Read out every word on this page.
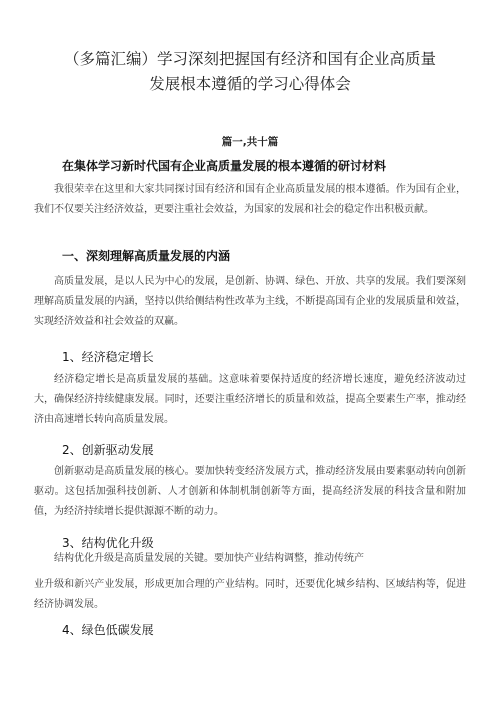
（多篇汇编）学习深刻把握国有经济和国有企业高质量
发展根本遵循的学习心得体会
篇一,共十篇
在集体学习新时代国有企业高质量发展的根本遵循的研讨材料

我很荣幸在这里和大家共同探讨国有经济和国有企业高质量发展的根本遵循。作为国有企业，我们不仅要关注经济效益，更要注重社会效益，为国家的发展和社会的稳定作出积极贡献。

一、深刻理解高质量发展的内涵

高质量发展，是以人民为中心的发展，是创新、协调、绿色、开放、共享的发展。我们要深刻理解高质量发展的内涵，坚持以供给侧结构性改革为主线，不断提高国有企业的发展质量和效益，实现经济效益和社会效益的双赢。

1、经济稳定增长

经济稳定增长是高质量发展的基础。这意味着要保持适度的经济增长速度，避免经济波动过大，确保经济持续健康发展。同时，还要注重经济增长的质量和效益，提高全要素生产率，推动经济由高速增长转向高质量发展。

2、创新驱动发展

创新驱动是高质量发展的核心。要加快转变经济发展方式，推动经济发展由要素驱动转向创新驱动。这包括加强科技创新、人才创新和体制机制创新等方面，提高经济发展的科技含量和附加值，为经济持续增长提供源源不断的动力。

3、结构优化升级

结构优化升级是高质量发展的关键。要加快产业结构调整，推动传统产

业升级和新兴产业发展，形成更加合理的产业结构。同时，还要优化城乡结构、区域结构等，促进经济协调发展。

4、绿色低碳发展
